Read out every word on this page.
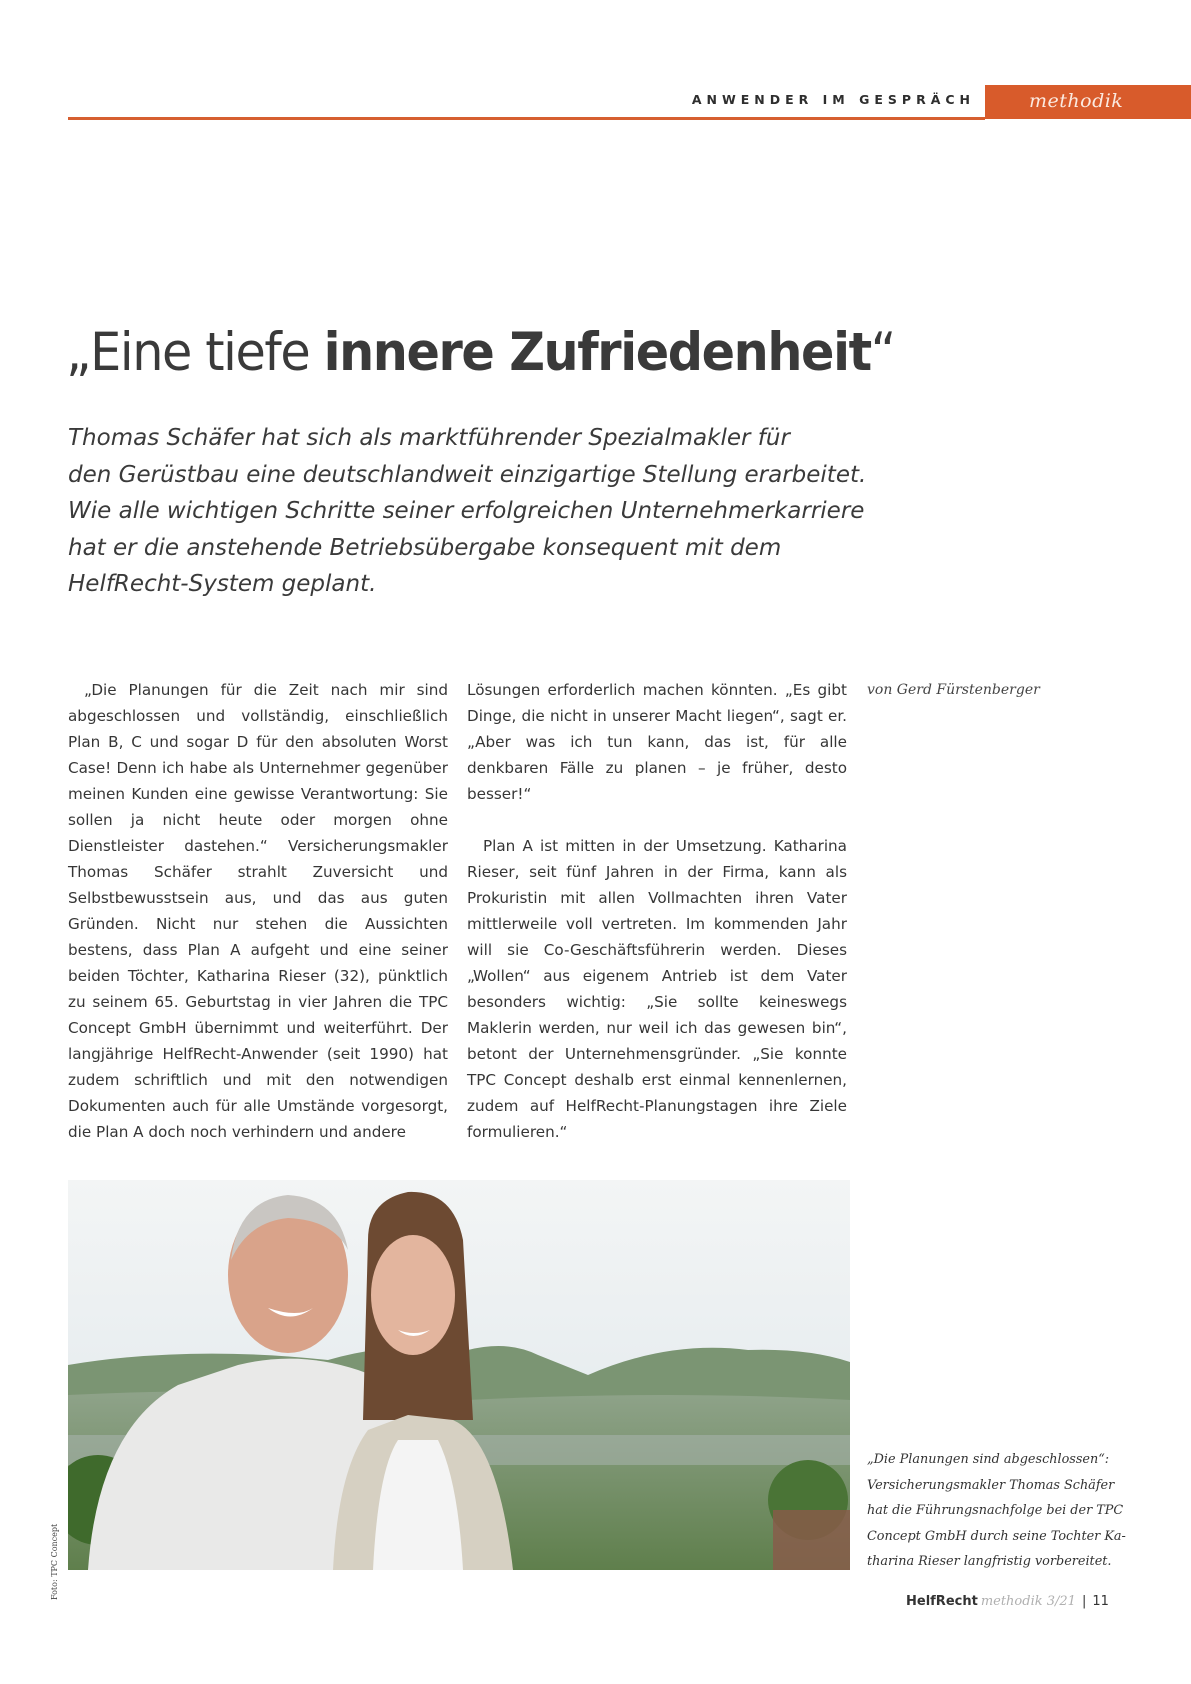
ANWENDER IM GESPRÄCH	methodik
„Eine tiefe innere Zufriedenheit“
Thomas Schäfer hat sich als marktführender Spezialmakler für
den Gerüstbau eine deutschlandweit einzigartige Stellung erarbeitet.
Wie alle wichtigen Schritte seiner erfolgreichen Unternehmerkarriere
hat er die anstehende Betriebsübergabe konsequent mit dem
HelfRecht-System geplant.

„Die Planungen für die Zeit nach mir sind abgeschlossen und vollständig, einschließlich Plan B, C und sogar D für den absoluten Worst Case! Denn ich habe als Unternehmer gegenüber meinen Kunden eine gewisse Verantwortung: Sie sollen ja nicht heute oder morgen ohne Dienstleister dastehen.“ Versicherungsmakler Thomas Schäfer strahlt Zuversicht und Selbstbewusstsein aus, und das aus guten Gründen. Nicht nur stehen die Aussichten bestens, dass Plan A aufgeht und eine seiner beiden Töchter, Katharina Rieser (32), pünktlich zu seinem 65. Geburtstag in vier Jahren die TPC Concept GmbH übernimmt und weiterführt. Der langjährige HelfRecht-Anwender (seit 1990) hat zudem schriftlich und mit den notwendigen Dokumenten auch für alle Umstände vorgesorgt, die Plan A doch noch verhindern und andere

Lösungen erforderlich machen könnten. „Es gibt Dinge, die nicht in unserer Macht liegen“, sagt er. „Aber was ich tun kann, das ist, für alle denkbaren Fälle zu planen – je früher, desto besser!“

Plan A ist mitten in der Umsetzung. Katharina Rieser, seit fünf Jahren in der Firma, kann als Prokuristin mit allen Vollmachten ihren Vater mittlerweile voll vertreten. Im kommenden Jahr will sie Co-Geschäftsführerin werden. Dieses „Wollen“ aus eigenem Antrieb ist dem Vater besonders wichtig: „Sie sollte keineswegs Maklerin werden, nur weil ich das gewesen bin“, betont der Unternehmensgründer. „Sie konnte TPC Concept deshalb erst einmal kennenlernen, zudem auf HelfRecht-Planungstagen ihre Ziele formulieren.“

von Gerd Fürstenberger
Foto: TPC Concept
„Die Planungen sind abgeschlossen“:
Versicherungsmakler Thomas Schäfer
hat die Führungsnachfolge bei der TPC
Concept GmbH durch seine Tochter Ka-
tharina Rieser langfristig vorbereitet.
HelfRecht methodik 3/21 | 11
